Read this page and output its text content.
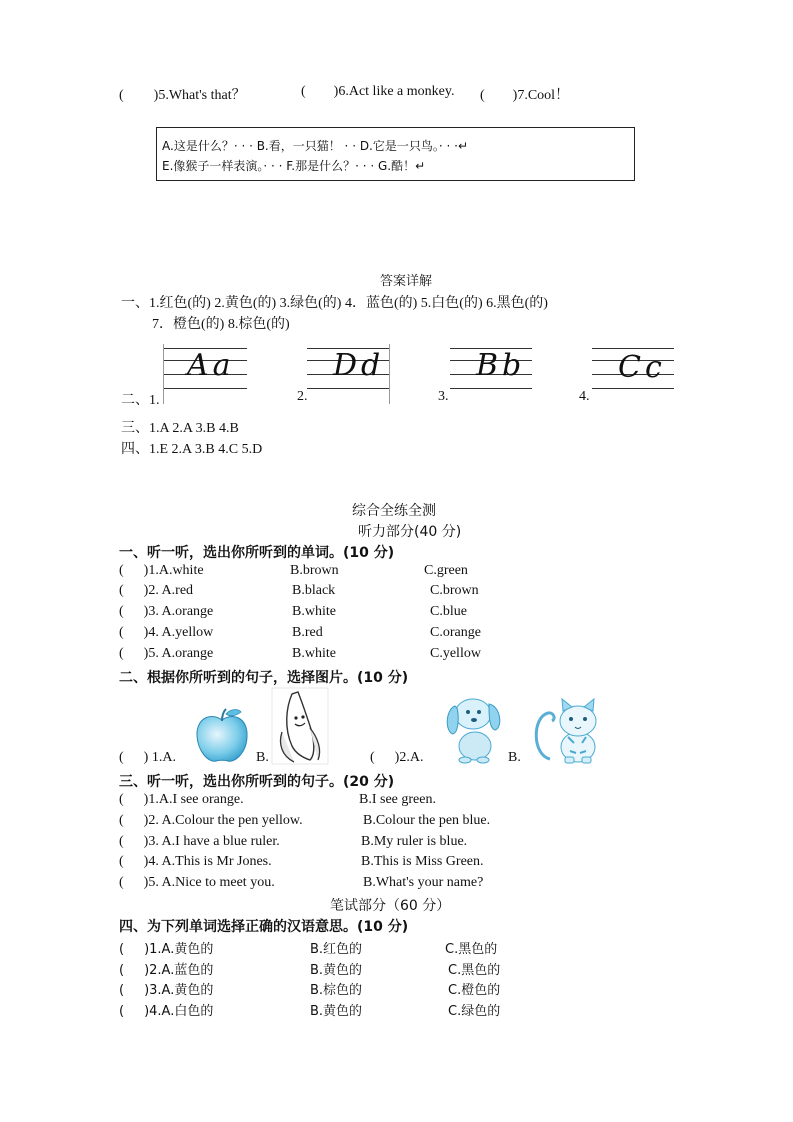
( )5.What's that？	( )6.Act like a monkey. ( )7.Cool！
A.这是什么？· · · B.看，一只猫！ · · D.它是一只鸟。· · ·↵
E.像猴子一样表演。· · · F.那是什么？· · · G.酷！↵
答案详解
一、1.红色(的) 2.黄色(的) 3.绿色(的) 4．蓝色(的) 5.白色(的) 6.黑色(的)
7．橙色(的) 8.棕色(的)
二、1.
Aa
2.
Dd
3.
Bb
4.
Cc
三、1.A 2.A 3.B 4.B
四、1.E 2.A 3.B 4.C 5.D
综合全练全测
听力部分(40 分)
一、听一听，选出你所听到的单词。(10 分)
( )1.A.white	B.brown	C.green
( )2. A.red	B.black	C.brown
( )3. A.orange	B.white	C.blue
( )4. A.yellow	B.red	C.orange
( )5. A.orange	B.white	C.yellow
二、根据你所听到的句子，选择图片。(10 分)
( ) 1.A.	B.	( )2.A.	B.
三、听一听，选出你所听到的句子。(20 分)
( )1.A.I see orange.	B.I see green.
( )2. A.Colour the pen yellow.	B.Colour the pen blue.
( )3. A.I have a blue ruler.	B.My ruler is blue.
( )4. A.This is Mr Jones.	B.This is Miss Green.
( )5. A.Nice to meet you.	B.What's your name?
笔试部分（60 分）
四、为下列单词选择正确的汉语意思。(10 分)
( )1.A.黄色的	B.红色的	C.黑色的
( )2.A.蓝色的	B.黄色的	C.黑色的
( )3.A.黄色的	B.棕色的	C.橙色的
( )4.A.白色的	B.黄色的	C.绿色的
